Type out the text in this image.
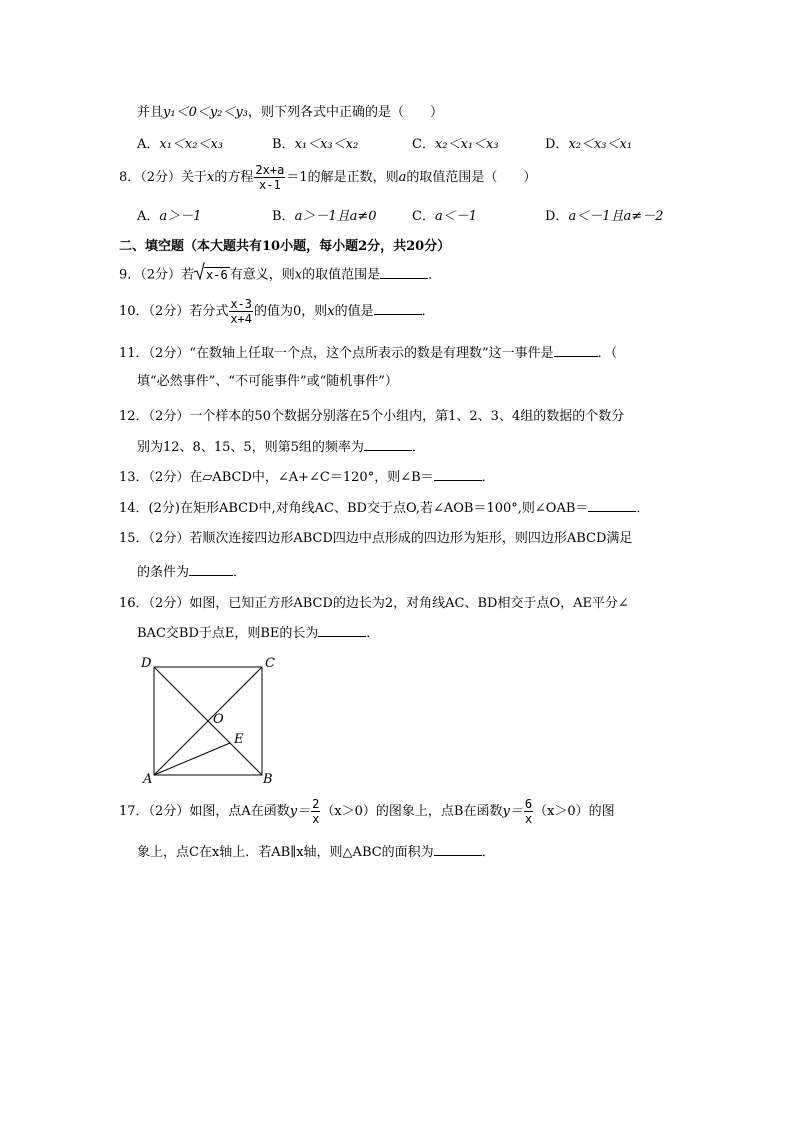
并且y₁＜0＜y₂＜y₃，则下列各式中正确的是（　　）
A．x₁＜x₂＜x₃	B．x₁＜x₃＜x₂	C．x₂＜x₁＜x₃	D．x₂＜x₃＜x₁
8．（2分）关于x的方程 $\frac{2x+a}{x-1} =1$的解是正数，则a的取值范围是（　　）
A．a＞－1	B．a＞－1且a≠0	C．a＜－1	D．a＜－1且a≠－2
二、填空题（本大题共有10小题，每小题2分，共20分）
9．（2分）若 x-6 有意义，则x的取值范围是	．
10．（2分）若分式 $\frac{x-3}{x+4}$ 的值为0，则x的值是	．
11．（2分）“在数轴上任取一个点，这个点所表示的数是有理数”这一事件是	．（
填“必然事件”、“不可能事件”或“随机事件”）
12．（2分）一个样本的50个数据分别落在5个小组内，第1、2、3、4组的数据的个数分
别为12、8、15、5，则第5组的频率为	．
13．（2分）在▱ABCD中，∠A+∠C＝120°，则∠B＝	．
14．(2分)在矩形ABCD中,对角线AC、BD交于点O,若∠AOB＝100°,则∠OAB＝	．
15．（2分）若顺次连接四边形ABCD四边中点形成的四边形为矩形，则四边形ABCD满足
的条件为	．
16．（2分）如图，已知正方形ABCD的边长为2，对角线AC、BD相交于点O，AE平分∠
BAC交BD于点E，则BE的长为	．
D	C
O
E
A	B
17．（2分）如图，点A在函数$y= \frac{2}{x} (x>0)$的图象上，点B在函数$y= \frac{6}{x} (x>0)$的图
象上，点C在x轴上．若AB∥x轴，则△ABC的面积为	．
